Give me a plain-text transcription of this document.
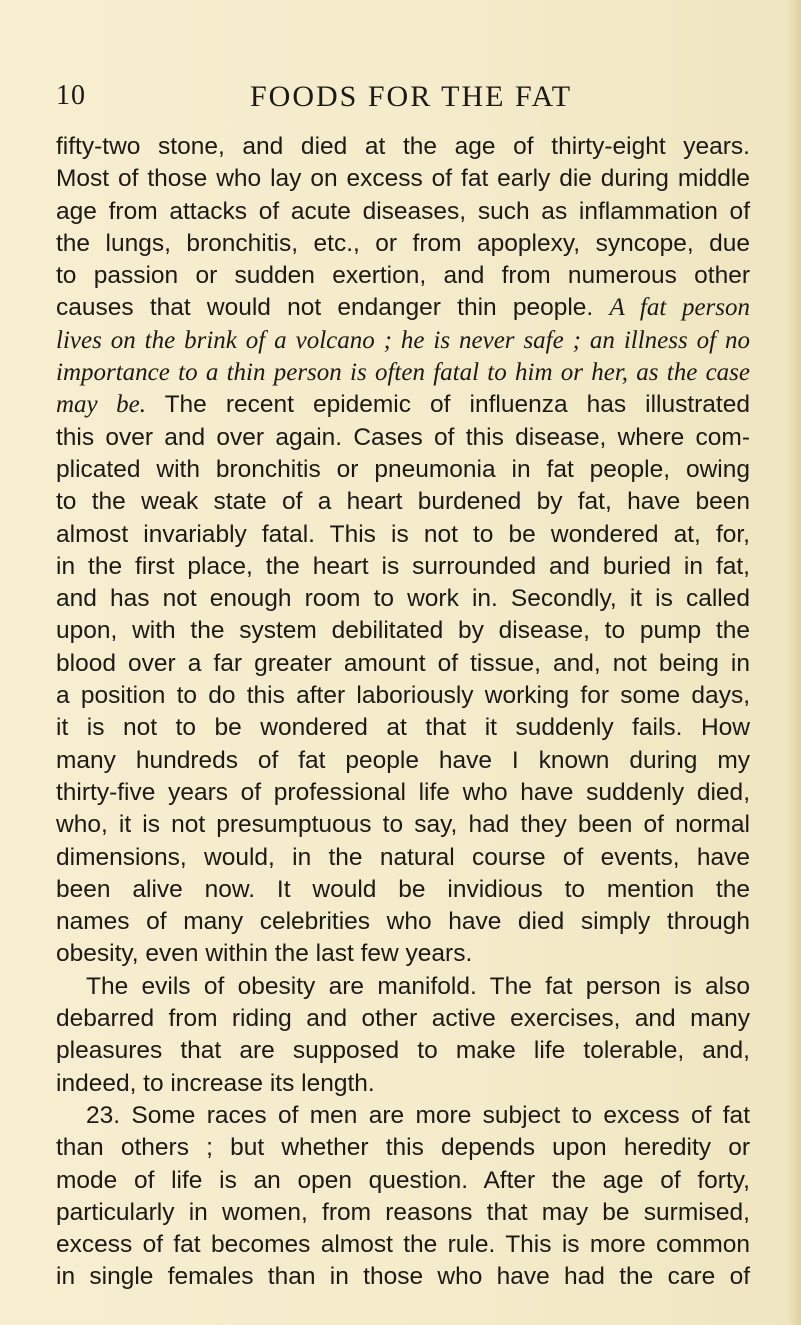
10	FOODS FOR THE FAT
fifty-two stone, and died at the age of thirty-eight years.
Most of those who lay on excess of fat early die during middle
age from attacks of acute diseases, such as inflammation of
the lungs, bronchitis, etc., or from apoplexy, syncope, due
to passion or sudden exertion, and from numerous other
causes that would not endanger thin people. A fat person
lives on the brink of a volcano ; he is never safe ; an illness of no
importance to a thin person is often fatal to him or her, as the case
may be. The recent epidemic of influenza has illustrated
this over and over again. Cases of this disease, where com-
plicated with bronchitis or pneumonia in fat people, owing
to the weak state of a heart burdened by fat, have been
almost invariably fatal. This is not to be wondered at, for,
in the first place, the heart is surrounded and buried in fat,
and has not enough room to work in. Secondly, it is called
upon, with the system debilitated by disease, to pump the
blood over a far greater amount of tissue, and, not being in
a position to do this after laboriously working for some days,
it is not to be wondered at that it suddenly fails. How
many hundreds of fat people have I known during my
thirty-five years of professional life who have suddenly died,
who, it is not presumptuous to say, had they been of normal
dimensions, would, in the natural course of events, have
been alive now. It would be invidious to mention the
names of many celebrities who have died simply through
obesity, even within the last few years.
The evils of obesity are manifold. The fat person is also
debarred from riding and other active exercises, and many
pleasures that are supposed to make life tolerable, and,
indeed, to increase its length.
23. Some races of men are more subject to excess of fat
than others ; but whether this depends upon heredity or
mode of life is an open question. After the age of forty,
particularly in women, from reasons that may be surmised,
excess of fat becomes almost the rule. This is more common
in single females than in those who have had the care of
